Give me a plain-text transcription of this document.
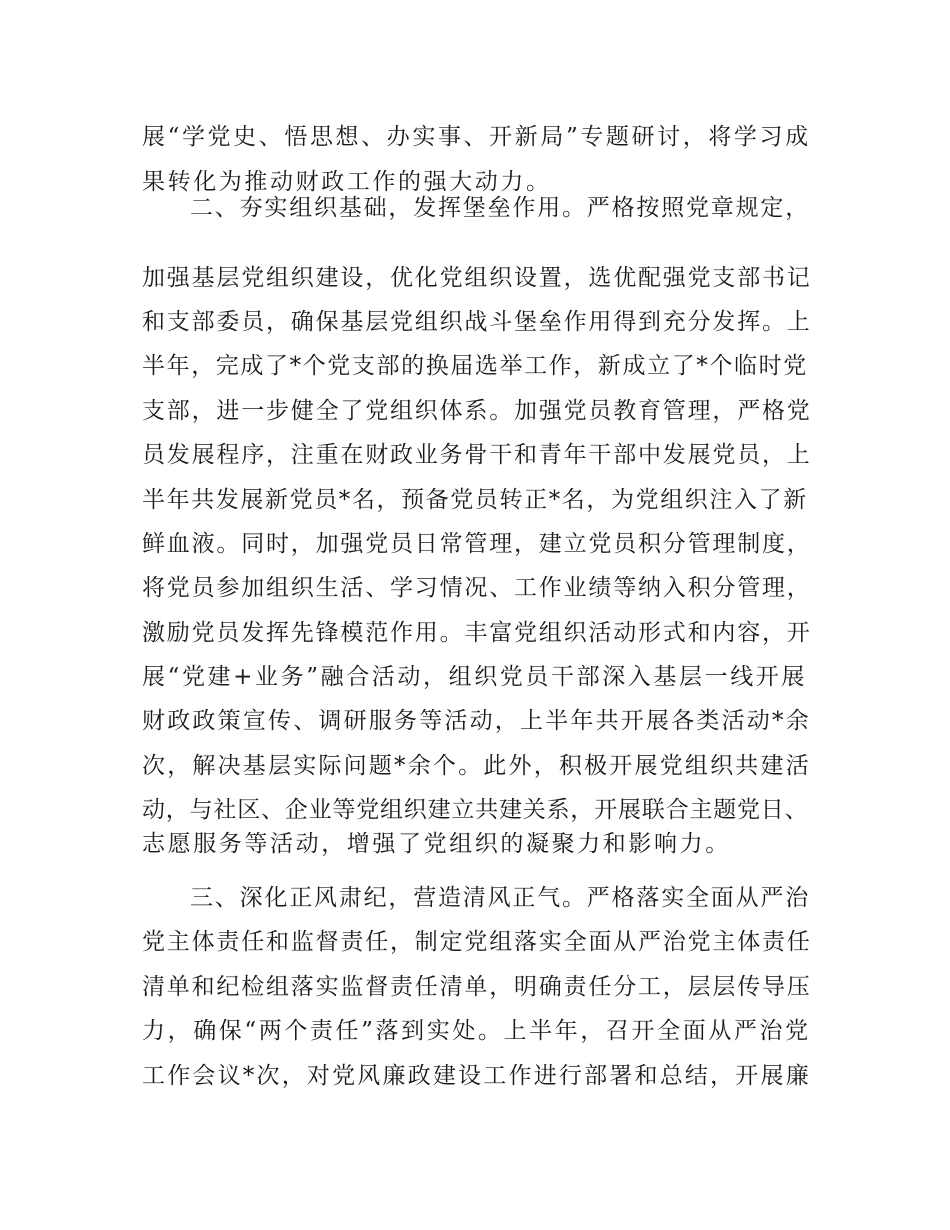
展“学党史、悟思想、办实事、开新局”专题研讨，将学习成
果转化为推动财政工作的强大动力。
二、夯实组织基础，发挥堡垒作用。严格按照党章规定，
加强基层党组织建设，优化党组织设置，选优配强党支部书记
和支部委员，确保基层党组织战斗堡垒作用得到充分发挥。上
半年，完成了*个党支部的换届选举工作，新成立了*个临时党
支部，进一步健全了党组织体系。加强党员教育管理，严格党
员发展程序，注重在财政业务骨干和青年干部中发展党员，上
半年共发展新党员*名，预备党员转正*名，为党组织注入了新
鲜血液。同时，加强党员日常管理，建立党员积分管理制度，
将党员参加组织生活、学习情况、工作业绩等纳入积分管理，
激励党员发挥先锋模范作用。丰富党组织活动形式和内容，开
展“党建+业务”融合活动，组织党员干部深入基层一线开展
财政政策宣传、调研服务等活动，上半年共开展各类活动*余
次，解决基层实际问题*余个。此外，积极开展党组织共建活
动，与社区、企业等党组织建立共建关系，开展联合主题党日、
志愿服务等活动，增强了党组织的凝聚力和影响力。
三、深化正风肃纪，营造清风正气。严格落实全面从严治
党主体责任和监督责任，制定党组落实全面从严治党主体责任
清单和纪检组落实监督责任清单，明确责任分工，层层传导压
力，确保“两个责任”落到实处。上半年，召开全面从严治党
工作会议*次，对党风廉政建设工作进行部署和总结，开展廉
